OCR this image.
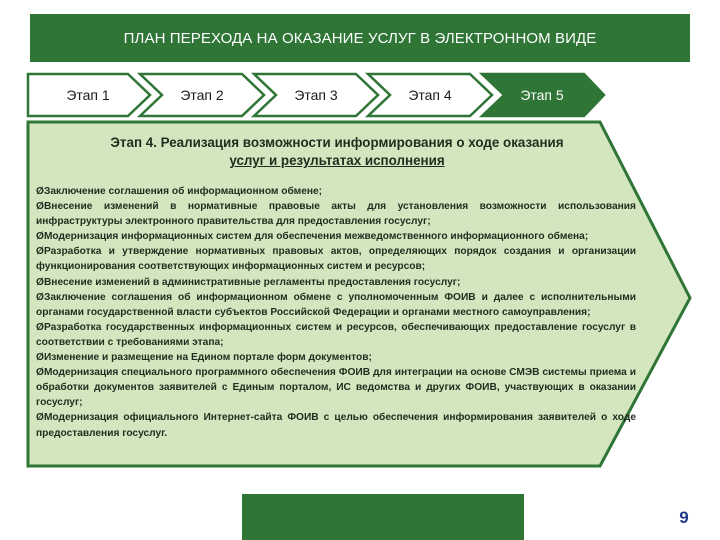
ПЛАН ПЕРЕХОДА НА ОКАЗАНИЕ УСЛУГ В ЭЛЕКТРОННОМ ВИДЕ
Этап 1	Этап 2	Этап 3	Этап 4	Этап 5
Этап 4. Реализация возможности информирования о ходе оказания
услуг и результатах исполнения
ØЗаключение соглашения об информационном обмене;
ØВнесение изменений в нормативные правовые акты для установления возможности использования инфраструктуры электронного правительства для предоставления госуслуг;
ØМодернизация информационных систем для обеспечения межведомственного информационного обмена;
ØРазработка и утверждение нормативных правовых актов, определяющих порядок создания и организации функционирования соответствующих информационных систем и ресурсов;
ØВнесение изменений в административные регламенты предоставления госуслуг;
ØЗаключение соглашения об информационном обмене с уполномоченным ФОИВ и далее с исполнительными органами государственной власти субъектов Российской Федерации и органами местного самоуправления;
ØРазработка государственных информационных систем и ресурсов, обеспечивающих предоставление госуслуг в соответствии с требованиями этапа;
ØИзменение и размещение на Едином портале форм документов;
ØМодернизация специального программного обеспечения ФОИВ для интеграции на основе СМЭВ системы приема и обработки документов заявителей с Единым порталом, ИС ведомства и других ФОИВ, участвующих в оказании госуслуг;
ØМодернизация официального Интернет-сайта ФОИВ с целью обеспечения информирования заявителей о ходе предоставления госуслуг.
9
